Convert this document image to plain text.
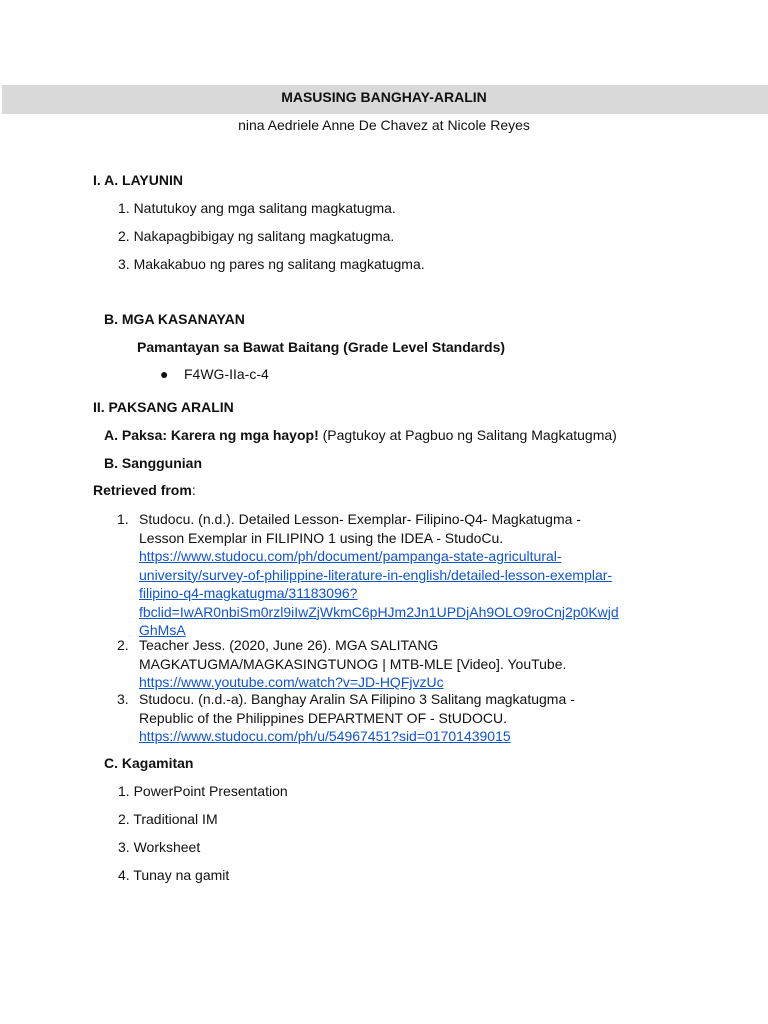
MASUSING BANGHAY-ARALIN
nina Aedriele Anne De Chavez at Nicole Reyes
I. A. LAYUNIN
1. Natutukoy ang mga salitang magkatugma.
2. Nakapagbibigay ng salitang magkatugma.
3. Makakabuo ng pares ng salitang magkatugma.
B. MGA KASANAYAN
Pamantayan sa Bawat Baitang (Grade Level Standards)
● F4WG-IIa-c-4
II. PAKSANG ARALIN
A. Paksa: Karera ng mga hayop! (Pagtukoy at Pagbuo ng Salitang Magkatugma)
B. Sanggunian
Retrieved from:
1. Studocu. (n.d.). Detailed Lesson- Exemplar- Filipino-Q4- Magkatugma -
Lesson Exemplar in FILIPINO 1 using the IDEA - StudoCu.
https://www.studocu.com/ph/document/pampanga-state-agricultural-
university/survey-of-philippine-literature-in-english/detailed-lesson-exemplar-
filipino-q4-magkatugma/31183096?
fbclid=IwAR0nbiSm0rzl9iIwZjWkmC6pHJm2Jn1UPDjAh9OLO9roCnj2p0Kwjd
GhMsA
2. Teacher Jess. (2020, June 26). MGA SALITANG
MAGKATUGMA/MAGKASINGTUNOG | MTB-MLE [Video]. YouTube.
https://www.youtube.com/watch?v=JD-HQFjvzUc
3. Studocu. (n.d.-a). Banghay Aralin SA Filipino 3 Salitang magkatugma -
Republic of the Philippines DEPARTMENT OF - StUDOCU.
https://www.studocu.com/ph/u/54967451?sid=01701439015
C. Kagamitan
1. PowerPoint Presentation
2. Traditional IM
3. Worksheet
4. Tunay na gamit
